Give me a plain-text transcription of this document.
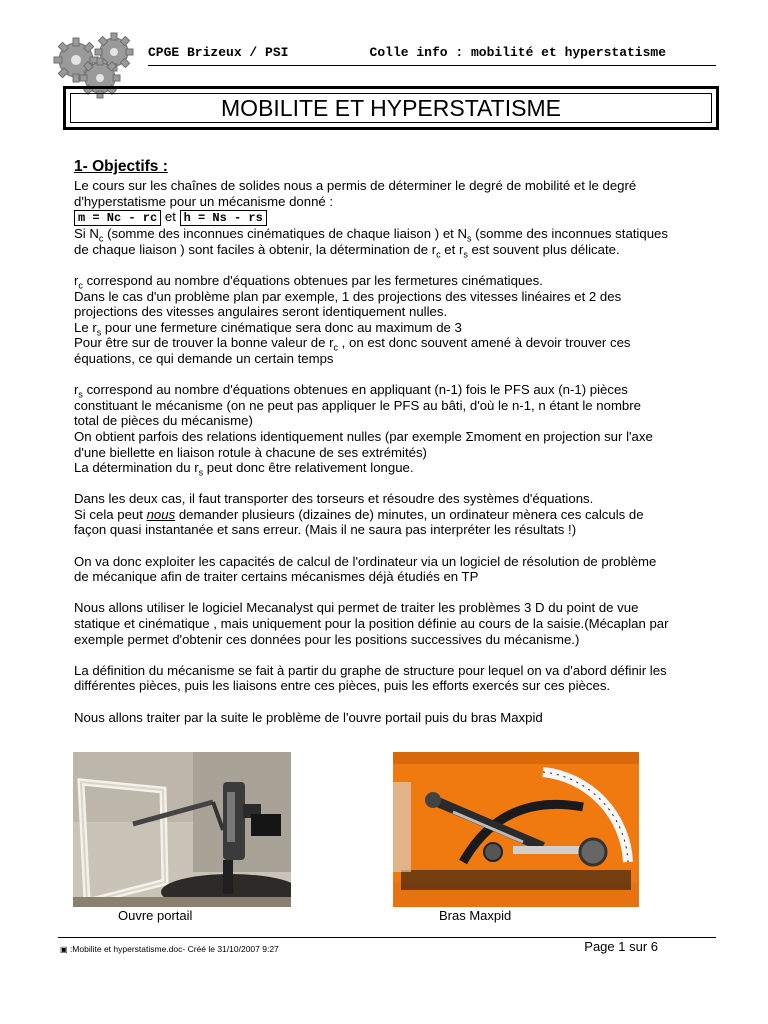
CPGE Brizeux / PSI	Colle info : mobilité et hyperstatisme
MOBILITE ET HYPERSTATISME
1- Objectifs :

Le cours sur les chaînes de solides nous a permis de déterminer le degré de mobilité et le degré
d'hyperstatisme pour un mécanisme donné :
m = Nc - rc et h = Ns - rs
Si $N_c$ (somme des inconnues cinématiques de chaque liaison ) et $N_s$ (somme des inconnues statiques
de chaque liaison ) sont faciles à obtenir, la détermination de $r_c$ et $r_s$ est souvent plus délicate.

$r_c$ correspond au nombre d'équations obtenues par les fermetures cinématiques.
Dans le cas d'un problème plan par exemple, 1 des projections des vitesses linéaires et 2 des
projections des vitesses angulaires seront identiquement nulles.
Le $r_s$ pour une fermeture cinématique sera donc au maximum de 3
Pour être sur de trouver la bonne valeur de $r_c$ , on est donc souvent amené à devoir trouver ces
équations, ce qui demande un certain temps

$r_s$ correspond au nombre d'équations obtenues en appliquant (n-1) fois le PFS aux (n-1) pièces
constituant le mécanisme (on ne peut pas appliquer le PFS au bâti, d'où le n-1, n étant le nombre
total de pièces du mécanisme)
On obtient parfois des relations identiquement nulles (par exemple Σmoment en projection sur l'axe
d'une biellette en liaison rotule à chacune de ses extrémités)
La détermination du $r_s$ peut donc être relativement longue.

Dans les deux cas, il faut transporter des torseurs et résoudre des systèmes d'équations.
Si cela peut nous demander plusieurs (dizaines de) minutes, un ordinateur mènera ces calculs de
façon quasi instantanée et sans erreur. (Mais il ne saura pas interpréter les résultats !)

On va donc exploiter les capacités de calcul de l'ordinateur via un logiciel de résolution de problème
de mécanique afin de traiter certains mécanismes déjà étudiés en TP

Nous allons utiliser le logiciel Mecanalyst qui permet de traiter les problèmes 3 D du point de vue
statique et cinématique , mais uniquement pour la position définie au cours de la saisie.(Mécaplan par
exemple permet d'obtenir ces données pour les positions successives du mécanisme.)

La définition du mécanisme se fait à partir du graphe de structure pour lequel on va d'abord définir les
différentes pièces, puis les liaisons entre ces pièces, puis les efforts exercés sur ces pièces.

Nous allons traiter par la suite le problème de l'ouvre portail puis du bras Maxpid

Ouvre portail	Bras Maxpid
▣ :Mobilite et hyperstatisme.doc- Créé le 31/10/2007 9:27	Page 1 sur 6
